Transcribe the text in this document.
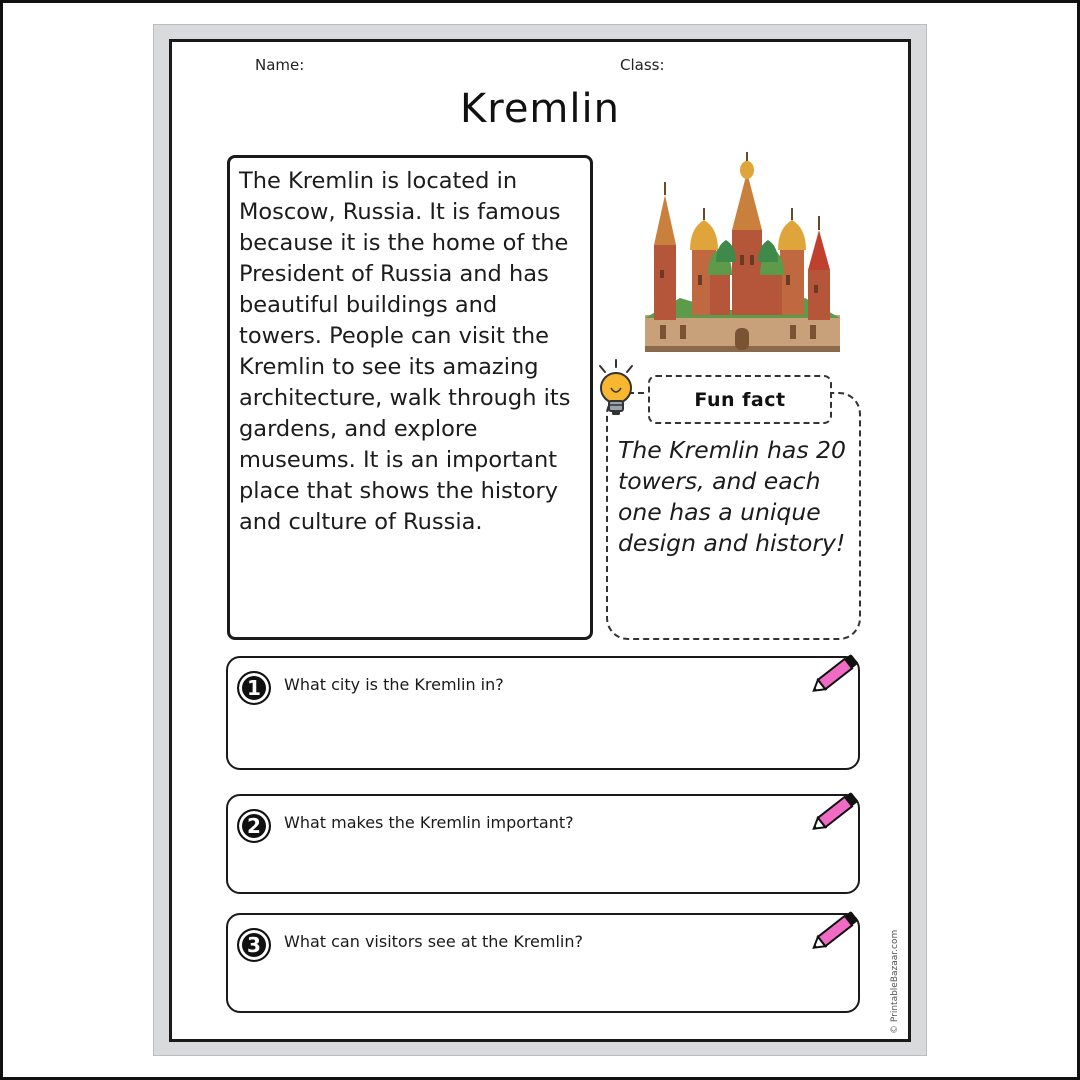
Name:	Class:
Kremlin

The Kremlin is located in Moscow, Russia. It is famous because it is the home of the President of Russia and has beautiful buildings and towers. People can visit the Kremlin to see its amazing architecture, walk through its gardens, and explore museums. It is an important place that shows the history and culture of Russia.

Fun fact

The Kremlin has 20 towers, and each one has a unique design and history!

1	What city is the Kremlin in?
2	What makes the Kremlin important?
3	What can visitors see at the Kremlin?	© PrintableBazaar.com
